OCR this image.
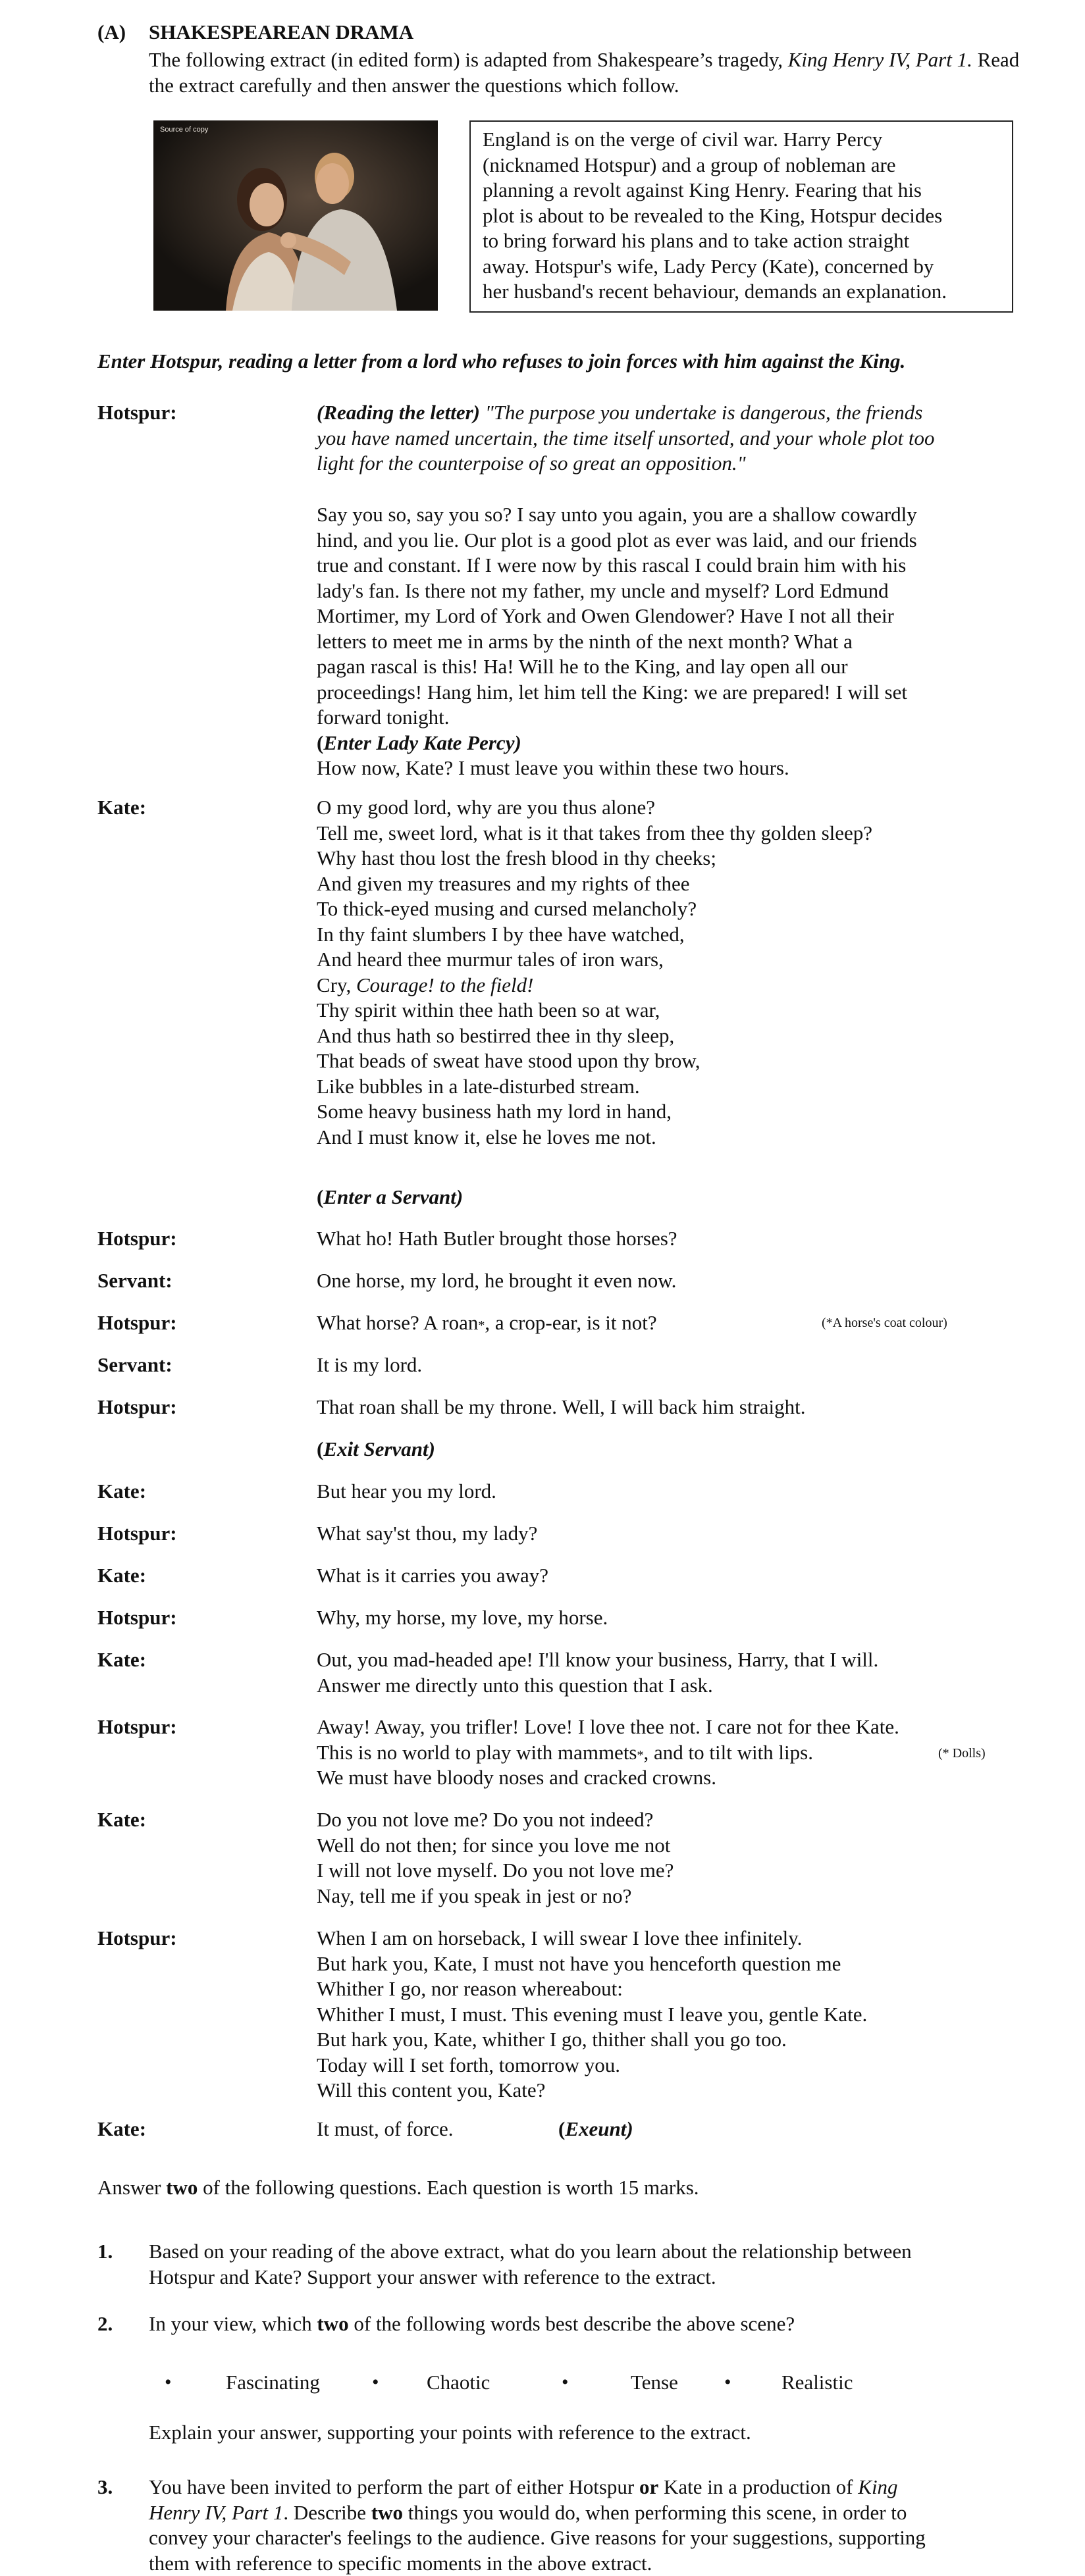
(A) SHAKESPEAREAN DRAMA
The following extract (in edited form) is adapted from Shakespeare’s tragedy, King Henry IV, Part 1. Read the extract carefully and then answer the questions which follow.
Source of copy	England is on the verge of civil war. Harry Percy
(nicknamed Hotspur) and a group of nobleman are
planning a revolt against King Henry. Fearing that his
plot is about to be revealed to the King, Hotspur decides
to bring forward his plans and to take action straight
away. Hotspur's wife, Lady Percy (Kate), concerned by
her husband's recent behaviour, demands an explanation.
Enter Hotspur, reading a letter from a lord who refuses to join forces with him against the King.
Hotspur:	(Reading the letter) "The purpose you undertake is dangerous, the friends
you have named uncertain, the time itself unsorted, and your whole plot too
light for the counterpoise of so great an opposition."
Say you so, say you so? I say unto you again, you are a shallow cowardly
hind, and you lie. Our plot is a good plot as ever was laid, and our friends
true and constant. If I were now by this rascal I could brain him with his
lady's fan. Is there not my father, my uncle and myself? Lord Edmund
Mortimer, my Lord of York and Owen Glendower? Have I not all their
letters to meet me in arms by the ninth of the next month? What a
pagan rascal is this! Ha! Will he to the King, and lay open all our
proceedings! Hang him, let him tell the King: we are prepared! I will set
forward tonight.
(Enter Lady Kate Percy)
How now, Kate? I must leave you within these two hours.
Kate:	O my good lord, why are you thus alone?
Tell me, sweet lord, what is it that takes from thee thy golden sleep?
Why hast thou lost the fresh blood in thy cheeks;
And given my treasures and my rights of thee
To thick-eyed musing and cursed melancholy?
In thy faint slumbers I by thee have watched,
And heard thee murmur tales of iron wars,
Cry, Courage! to the field!
Thy spirit within thee hath been so at war,
And thus hath so bestirred thee in thy sleep,
That beads of sweat have stood upon thy brow,
Like bubbles in a late-disturbed stream.
Some heavy business hath my lord in hand,
And I must know it, else he loves me not.
(Enter a Servant)
Hotspur:	What ho! Hath Butler brought those horses?
Servant:	One horse, my lord, he brought it even now.
Hotspur:	What horse? A roan*, a crop-ear, is it not?	(*A horse's coat colour)
Servant:	It is my lord.
Hotspur:	That roan shall be my throne. Well, I will back him straight.
(Exit Servant)
Kate:	But hear you my lord.
Hotspur:	What say'st thou, my lady?
Kate:	What is it carries you away?
Hotspur:	Why, my horse, my love, my horse.
Kate:	Out, you mad-headed ape! I'll know your business, Harry, that I will.
Answer me directly unto this question that I ask.
Hotspur:	Away! Away, you trifler! Love! I love thee not. I care not for thee Kate.
This is no world to play with mammets*, and to tilt with lips.
We must have bloody noses and cracked crowns.
(* Dolls)
Kate:	Do you not love me? Do you not indeed?
Well do not then; for since you love me not
I will not love myself. Do you not love me?
Nay, tell me if you speak in jest or no?
Hotspur:	When I am on horseback, I will swear I love thee infinitely.
But hark you, Kate, I must not have you henceforth question me
Whither I go, nor reason whereabout:
Whither I must, I must. This evening must I leave you, gentle Kate.
But hark you, Kate, whither I go, thither shall you go too.
Today will I set forth, tomorrow you.
Will this content you, Kate?
Kate:	It must, of force.	(Exeunt)
Answer two of the following questions. Each question is worth 15 marks.
1.	Based on your reading of the above extract, what do you learn about the relationship between
Hotspur and Kate? Support your answer with reference to the extract.
2.	In your view, which two of the following words best describe the above scene?
•	Fascinating	• Chaotic	•	Tense • Realistic
Explain your answer, supporting your points with reference to the extract.
3.	You have been invited to perform the part of either Hotspur or Kate in a production of King
Henry IV, Part 1. Describe two things you would do, when performing this scene, in order to
convey your character's feelings to the audience. Give reasons for your suggestions, supporting
them with reference to specific moments in the above extract.
